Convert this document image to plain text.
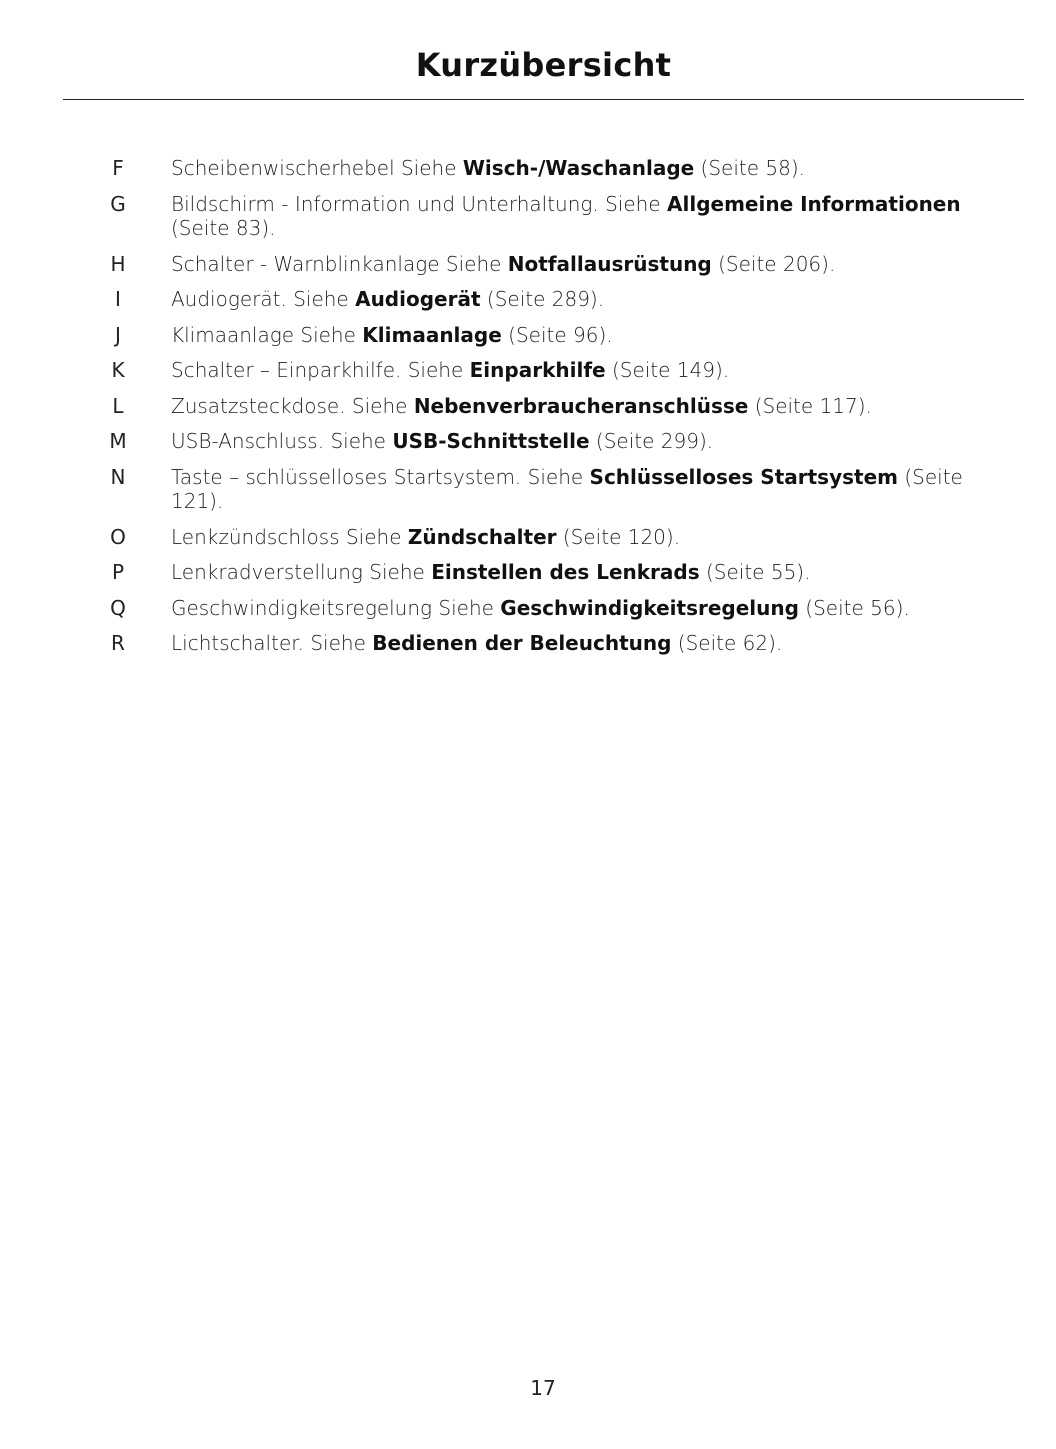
Kurzübersicht
F	Scheibenwischerhebel Siehe Wisch-/Waschanlage (Seite 58).
G	Bildschirm - Information und Unterhaltung. Siehe Allgemeine Informationen (Seite 83).
H	Schalter - Warnblinkanlage Siehe Notfallausrüstung (Seite 206).
I	Audiogerät. Siehe Audiogerät (Seite 289).
J	Klimaanlage Siehe Klimaanlage (Seite 96).
K	Schalter – Einparkhilfe. Siehe Einparkhilfe (Seite 149).
L	Zusatzsteckdose. Siehe Nebenverbraucheranschlüsse (Seite 117).
M	USB-Anschluss. Siehe USB-Schnittstelle (Seite 299).
N	Taste – schlüsselloses Startsystem. Siehe Schlüsselloses Startsystem (Seite 121).
O	Lenkzündschloss Siehe Zündschalter (Seite 120).
P	Lenkradverstellung Siehe Einstellen des Lenkrads (Seite 55).
Q	Geschwindigkeitsregelung Siehe Geschwindigkeitsregelung (Seite 56).
R	Lichtschalter. Siehe Bedienen der Beleuchtung (Seite 62).
17
